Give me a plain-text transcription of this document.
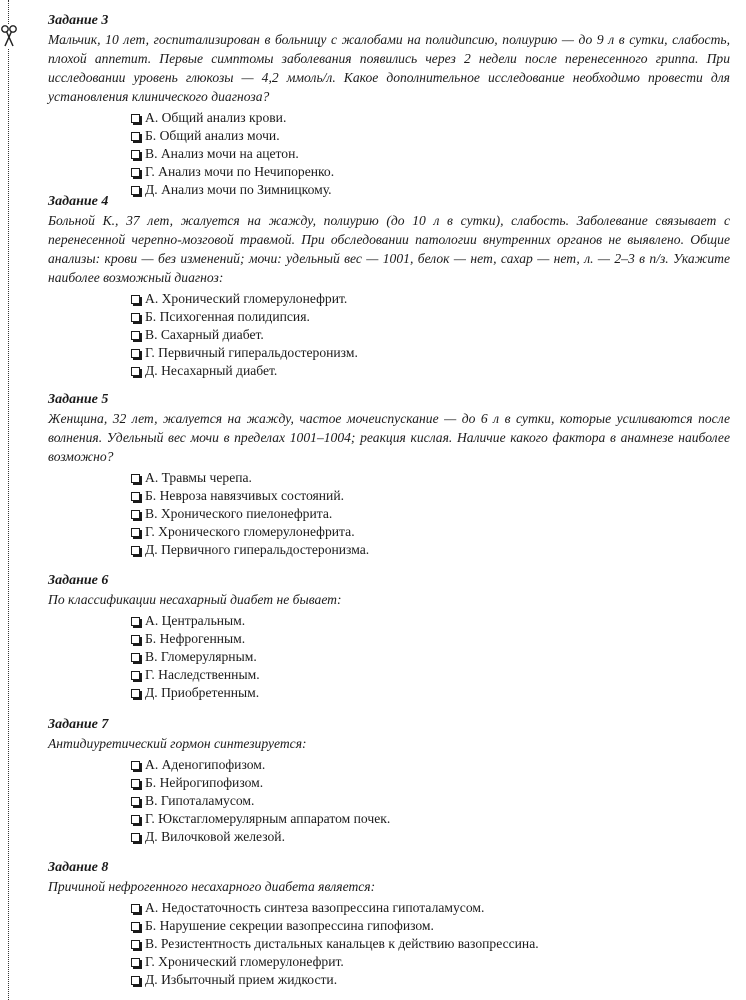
Задание 3

Мальчик, 10 лет, госпитализирован в больницу с жалобами на полидипсию, полиурию — до 9 л в сутки, слабость, плохой аппетит. Первые симптомы заболевания появились через 2 недели после перенесенного гриппа. При исследовании уровень глюкозы — 4,2 ммоль/л. Какое дополнительное исследование необходимо провести для установления клинического диагноза?

А. Общий анализ крови.
Б. Общий анализ мочи.
В. Анализ мочи на ацетон.
Г. Анализ мочи по Нечипоренко.
Д. Анализ мочи по Зимницкому.

Задание 4

Больной К., 37 лет, жалуется на жажду, полиурию (до 10 л в сутки), слабость. Заболевание связывает с перенесенной черепно-мозговой травмой. При обследовании патологии внутренних органов не выявлено. Общие анализы: крови — без изменений; мочи: удельный вес — 1001, белок — нет, сахар — нет, л. — 2–3 в п/з. Укажите наиболее возможный диагноз:

А. Хронический гломерулонефрит.
Б. Психогенная полидипсия.
В. Сахарный диабет.
Г. Первичный гиперальдостеронизм.
Д. Несахарный диабет.

Задание 5

Женщина, 32 лет, жалуется на жажду, частое мочеиспускание — до 6 л в сутки, которые усиливаются после волнения. Удельный вес мочи в пределах 1001–1004; реакция кислая. Наличие какого фактора в анамнезе наиболее возможно?

А. Травмы черепа.
Б. Невроза навязчивых состояний.
В. Хронического пиелонефрита.
Г. Хронического гломерулонефрита.
Д. Первичного гиперальдостеронизма.

Задание 6

По классификации несахарный диабет не бывает:

А. Центральным.
Б. Нефрогенным.
В. Гломерулярным.
Г. Наследственным.
Д. Приобретенным.

Задание 7

Антидиуретический гормон синтезируется:

А. Аденогипофизом.
Б. Нейрогипофизом.
В. Гипоталамусом.
Г. Юкстагломерулярным аппаратом почек.
Д. Вилочковой железой.

Задание 8

Причиной нефрогенного несахарного диабета является:

А. Недостаточность синтеза вазопрессина гипоталамусом.
Б. Нарушение секреции вазопрессина гипофизом.
В. Резистентность дистальных канальцев к действию вазопрессина.
Г. Хронический гломерулонефрит.
Д. Избыточный прием жидкости.
